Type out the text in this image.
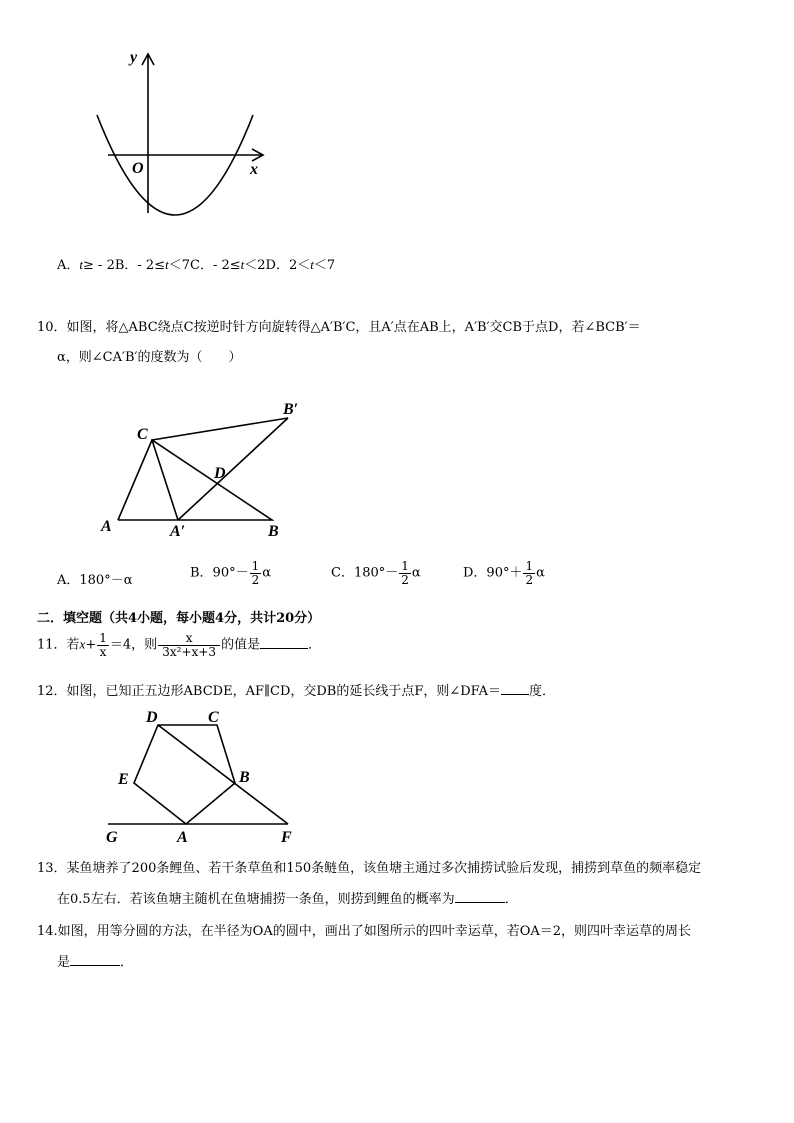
y
x
O
A．t≥ - 2B．- 2≤t＜7C．- 2≤t＜2D．2＜t＜7
10．如图，将△ABC绕点C按逆时针方向旋转得△A′B′C，且A′点在AB上，A′B′交CB于点D，若∠BCB′＝
α，则∠CA′B′的度数为（　　）
C
B′
D
A	A′	B
A．180°－α	B．$90^\circ- \frac{1}{2}$ α	C．$180^\circ- \frac{1}{2}$ α	D．$90^\circ+ \frac{1}{2}$ α
二．填空题（共4小题，每小题4分，共计20分）
11．若$x+ \frac{1}{x} =4$，则 $\frac{x}{\text{3x²+x+3}}$ 的值是	．
12．如图，已知正五边形ABCDE，AF∥CD，交DB的延长线于点F，则∠DFA＝ 度．
D	C
E	B
G	A	F
13．某鱼塘养了200条鲤鱼、若干条草鱼和150条鲢鱼，该鱼塘主通过多次捕捞试验后发现，捕捞到草鱼的频率稳定
在0.5左右．若该鱼塘主随机在鱼塘捕捞一条鱼，则捞到鲤鱼的概率为	．
14.如图，用等分圆的方法，在半径为OA的圆中，画出了如图所示的四叶幸运草，若OA＝2，则四叶幸运草的周长
是	．
